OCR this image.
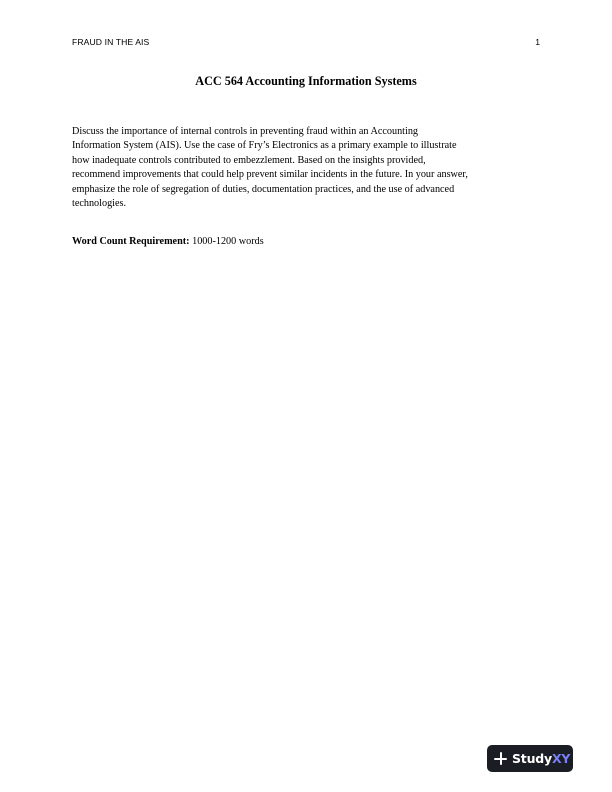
FRAUD IN THE AIS	1
ACC 564 Accounting Information Systems
Discuss the importance of internal controls in preventing fraud within an Accounting
Information System (AIS). Use the case of Fry’s Electronics as a primary example to illustrate
how inadequate controls contributed to embezzlement. Based on the insights provided,
recommend improvements that could help prevent similar incidents in the future. In your answer,
emphasize the role of segregation of duties, documentation practices, and the use of advanced
technologies.
Word Count Requirement: 1000-1200 words
StudyXY
